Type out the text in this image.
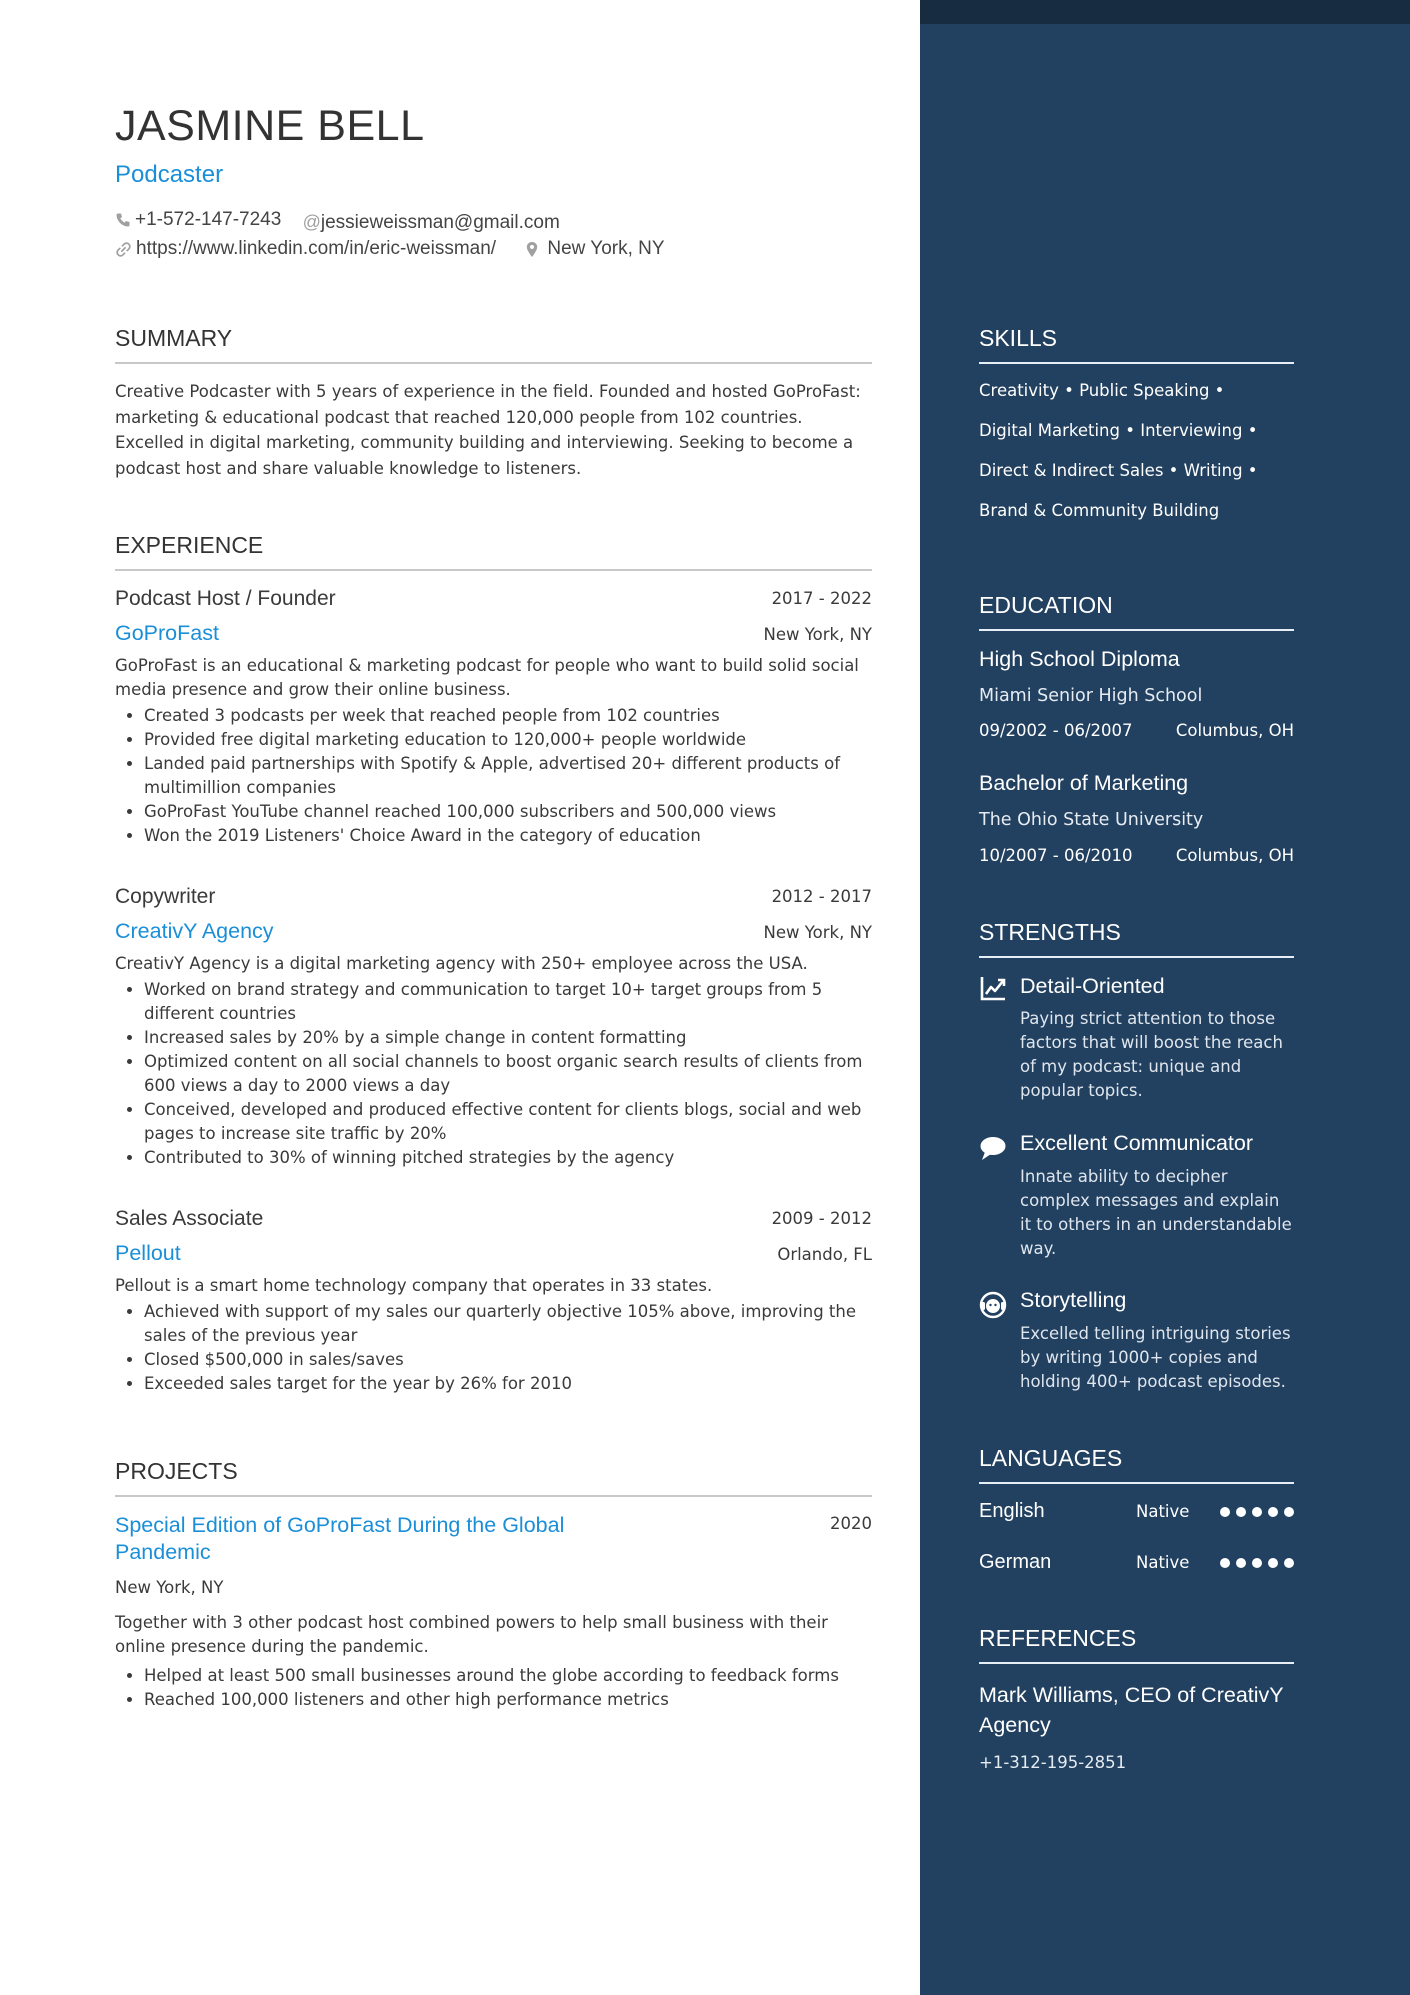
JASMINE BELL
Podcaster
+1-572-147-7243
@ jessieweissman@gmail.com
https://www.linkedin.com/in/eric-weissman/
	New York, NY
SUMMARY
Creative Podcaster with 5 years of experience in the field. Founded and hosted GoProFast: marketing & educational podcast that reached 120,000 people from 102 countries. Excelled in digital marketing, community building and interviewing. Seeking to become a podcast host and share valuable knowledge to listeners.
EXPERIENCE
Podcast Host / Founder	2017 - 2022
GoProFast	New York, NY
GoProFast is an educational & marketing podcast for people who want to build solid social media presence and grow their online business.
• Created 3 podcasts per week that reached people from 102 countries
• Provided free digital marketing education to 120,000+ people worldwide
• Landed paid partnerships with Spotify & Apple, advertised 20+ different products of multimillion companies
• GoProFast YouTube channel reached 100,000 subscribers and 500,000 views
• Won the 2019 Listeners' Choice Award in the category of education
Copywriter	2012 - 2017
CreativY Agency	New York, NY
CreativY Agency is a digital marketing agency with 250+ employee across the USA.
• Worked on brand strategy and communication to target 10+ target groups from 5 different countries
• Increased sales by 20% by a simple change in content formatting
• Optimized content on all social channels to boost organic search results of clients from 600 views a day to 2000 views a day
• Conceived, developed and produced effective content for clients blogs, social and web pages to increase site traffic by 20%
• Contributed to 30% of winning pitched strategies by the agency
Sales Associate	2009 - 2012
Pellout	Orlando, FL
Pellout is a smart home technology company that operates in 33 states.
• Achieved with support of my sales our quarterly objective 105% above, improving the sales of the previous year
• Closed $500,000 in sales/saves
• Exceeded sales target for the year by 26% for 2010
PROJECTS
Special Edition of GoProFast During the Global Pandemic
2020
New York, NY
Together with 3 other podcast host combined powers to help small business with their online presence during the pandemic.
• Helped at least 500 small businesses around the globe according to feedback forms
• Reached 100,000 listeners and other high performance metrics
SKILLS
Creativity • Public Speaking •
Digital Marketing • Interviewing •
Direct & Indirect Sales • Writing •
Brand & Community Building
EDUCATION
High School Diploma
Miami Senior High School
09/2002 - 06/2007	Columbus, OH
Bachelor of Marketing
The Ohio State University
10/2007 - 06/2010	Columbus, OH
STRENGTHS
Detail-Oriented
Paying strict attention to those factors that will boost the reach of my podcast: unique and popular topics.
Excellent Communicator
Innate ability to decipher complex messages and explain it to others in an understandable way.
Storytelling
Excelled telling intriguing stories by writing 1000+ copies and holding 400+ podcast episodes.
LANGUAGES
English	Native
German	Native
REFERENCES
Mark Williams, CEO of CreativY Agency
+1-312-195-2851
